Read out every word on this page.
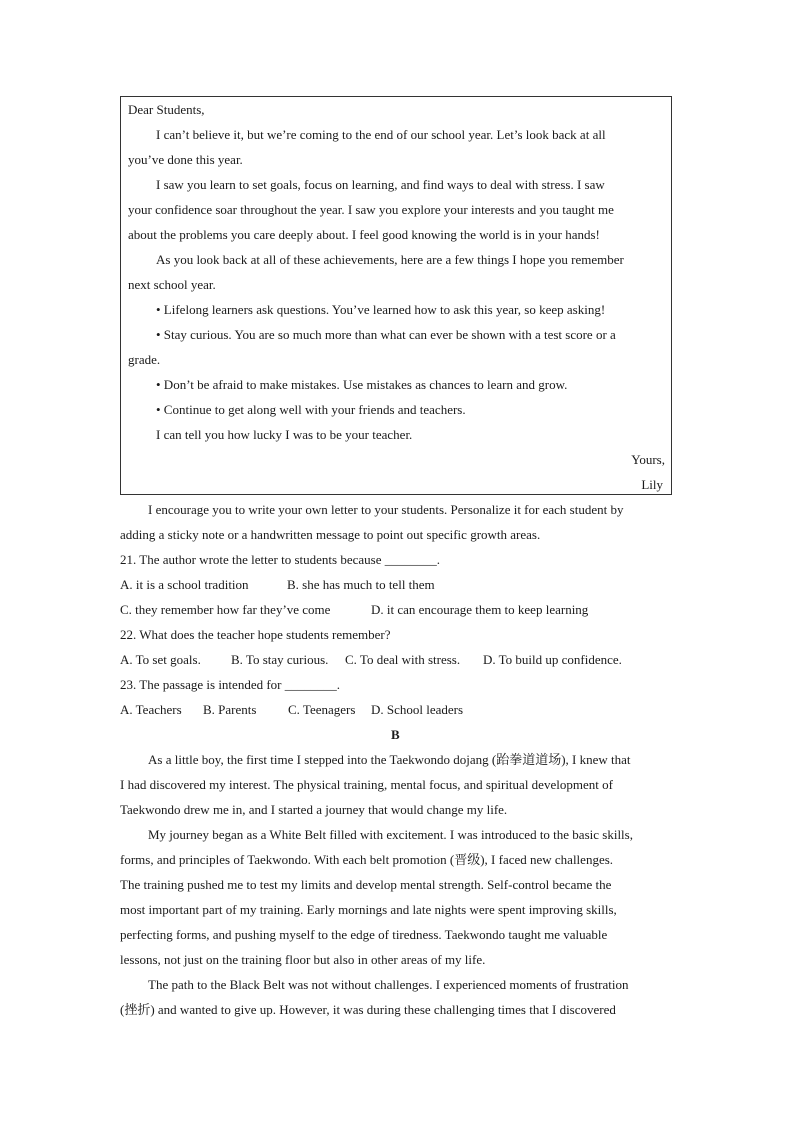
Dear Students,
I can’t believe it, but we’re coming to the end of our school year. Let’s look back at all
you’ve done this year.
I saw you learn to set goals, focus on learning, and find ways to deal with stress. I saw
your confidence soar throughout the year. I saw you explore your interests and you taught me
about the problems you care deeply about. I feel good knowing the world is in your hands!
As you look back at all of these achievements, here are a few things I hope you remember
next school year.
• Lifelong learners ask questions. You’ve learned how to ask this year, so keep asking!
• Stay curious. You are so much more than what can ever be shown with a test score or a
grade.
• Don’t be afraid to make mistakes. Use mistakes as chances to learn and grow.
• Continue to get along well with your friends and teachers.
I can tell you how lucky I was to be your teacher.
Yours,
Lily
I encourage you to write your own letter to your students. Personalize it for each student by
adding a sticky note or a handwritten message to point out specific growth areas.
21. The author wrote the letter to students because ________.
A. it is a school tradition	B. she has much to tell them
C. they remember how far they’ve come	D. it can encourage them to keep learning
22. What does the teacher hope students remember?
A. To set goals. B. To stay curious. C. To deal with stress. D. To build up confidence.
23. The passage is intended for ________.
A. Teachers B. Parents C. Teenagers D. School leaders
B
As a little boy, the first time I stepped into the Taekwondo dojang (跆拳道道场), I knew that
I had discovered my interest. The physical training, mental focus, and spiritual development of
Taekwondo drew me in, and I started a journey that would change my life.
My journey began as a White Belt filled with excitement. I was introduced to the basic skills,
forms, and principles of Taekwondo. With each belt promotion (晋级), I faced new challenges.
The training pushed me to test my limits and develop mental strength. Self-control became the
most important part of my training. Early mornings and late nights were spent improving skills,
perfecting forms, and pushing myself to the edge of tiredness. Taekwondo taught me valuable
lessons, not just on the training floor but also in other areas of my life.
The path to the Black Belt was not without challenges. I experienced moments of frustration
(挫折) and wanted to give up. However, it was during these challenging times that I discovered
